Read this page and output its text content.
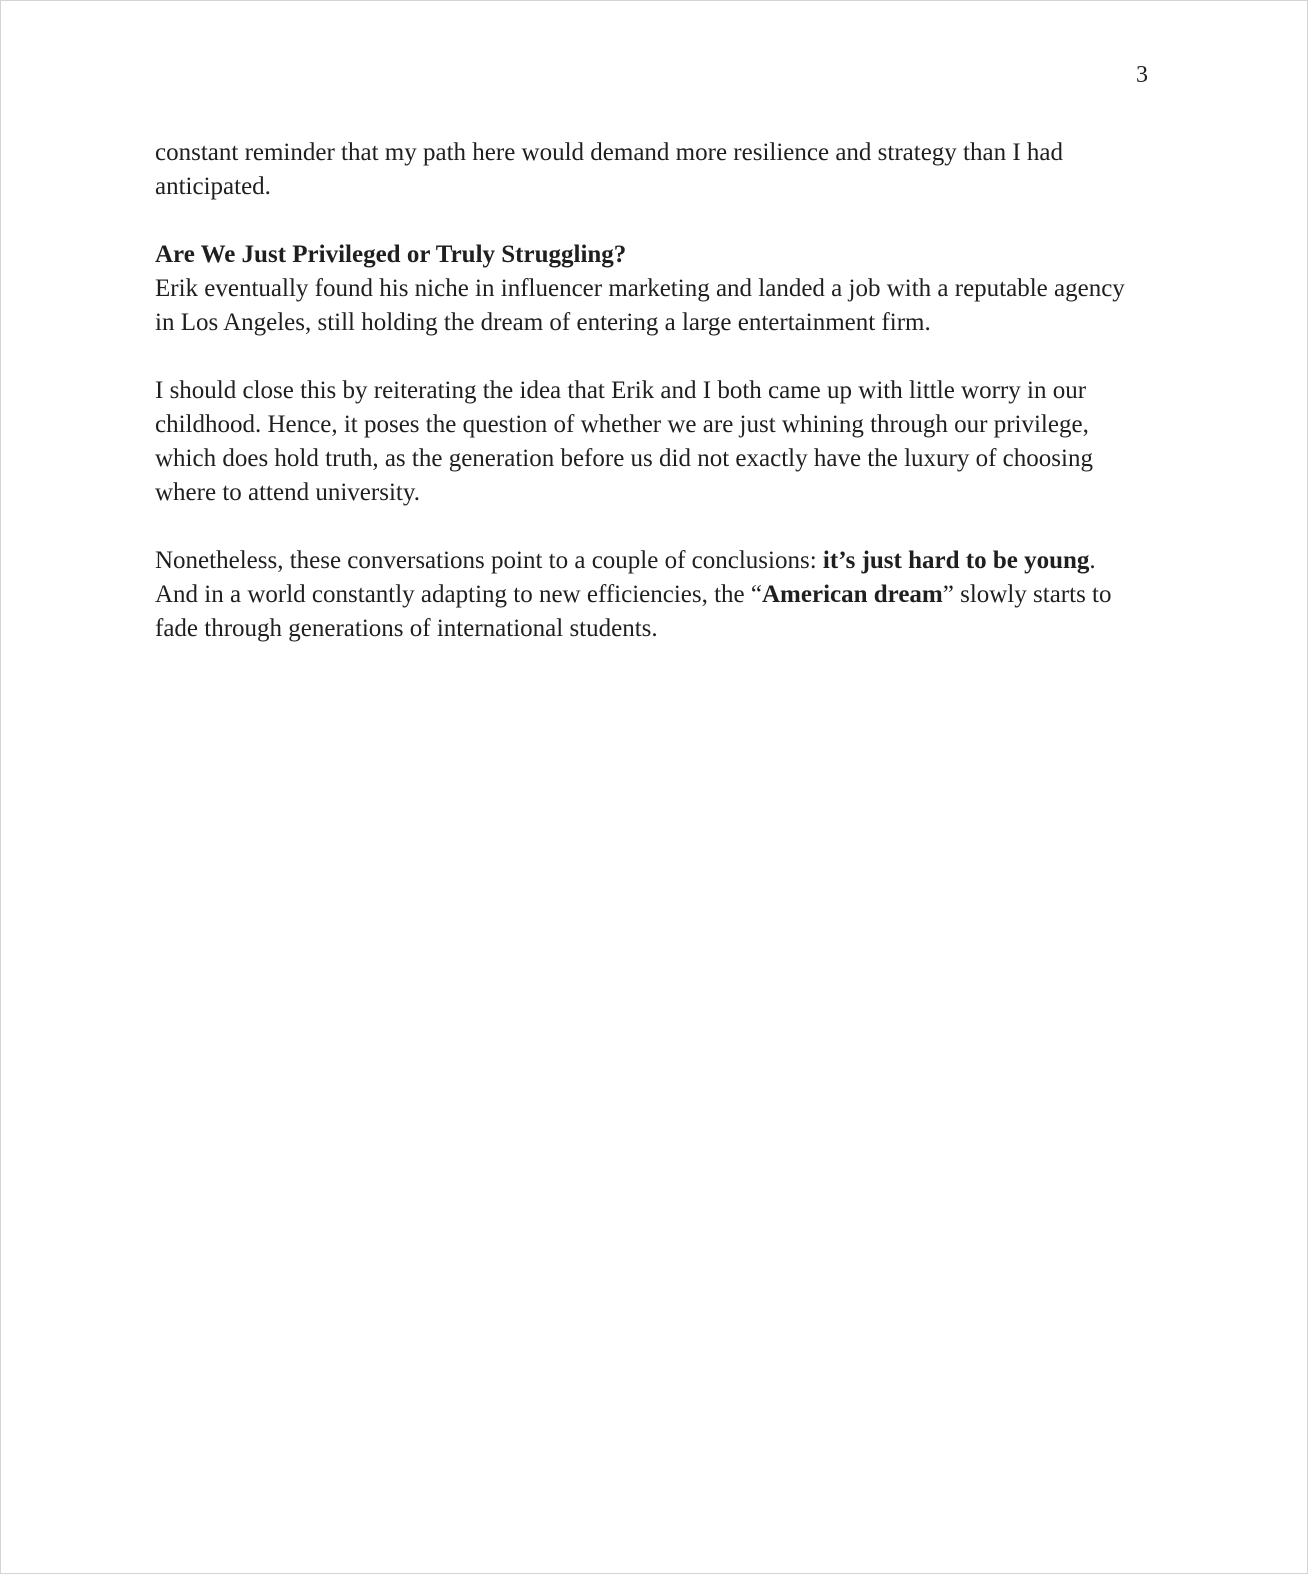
3

constant reminder that my path here would demand more resilience and strategy than I had
anticipated.

Are We Just Privileged or Truly Struggling?
Erik eventually found his niche in influencer marketing and landed a job with a reputable agency
in Los Angeles, still holding the dream of entering a large entertainment firm.

I should close this by reiterating the idea that Erik and I both came up with little worry in our
childhood. Hence, it poses the question of whether we are just whining through our privilege,
which does hold truth, as the generation before us did not exactly have the luxury of choosing
where to attend university.

Nonetheless, these conversations point to a couple of conclusions: it’s just hard to be young.
And in a world constantly adapting to new efficiencies, the “American dream” slowly starts to
fade through generations of international students.
